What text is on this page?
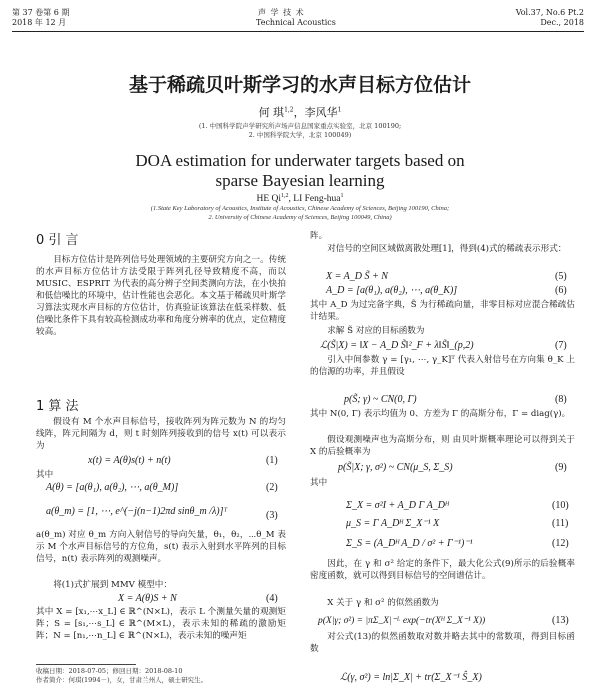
第 37 卷第 6 期
2018 年 12 月
声 学 技 术
Technical Acoustics
Vol.37, No.6 Pt.2
Dec., 2018
基于稀疏贝叶斯学习的水声目标方位估计
何 琪$^{1,2}$，李风华$^1$
(1. 中国科学院声学研究所声场声信息国家重点实验室，北京 100190;
2. 中国科学院大学，北京 100049)
DOA estimation for underwater targets based on
sparse Bayesian learning
HE Qi$^{1,2}$, LI Feng-hua$^1$
(1.State Key Laboratory of Acoustics, Institute of Acoustics, Chinese Academy of Sciences, Beijing 100190, China;
2. University of Chinese Academy of Sciences, Beijing 100049, China)
0 引 言
目标方位估计是阵列信号处理领域的主要研究方向之一。传统的水声目标方位估计方法受限于阵列孔径导致精度不高，而以 MUSIC、ESPRIT 为代表的高分辨子空间类测向方法，在小快拍和低信噪比的环境中，估计性能也会恶化。本文基于稀疏贝叶斯学习算法实现水声目标的方位估计，仿真验证该算法在低采样数、低信噪比条件下具有较高检测成功率和角度分辨率的优点，定位精度较高。
1 算 法
假设有 M 个水声目标信号，接收阵列为阵元数为 N 的均匀线阵，阵元间隔为 d，则 t 时刻阵列接收到的信号 x(t) 可以表示为
x(t) = A(θ)s(t) + n(t)	(1)
其中
A(θ) = [a(θ₁), a(θ₂), ⋯, a(θ_M)]	(2)
a(θ_m) = [1, ⋯, e^(−j(n−1)2πd sinθ_m /λ)]ᵀ	(3)
a(θ_m) 对应 θ_m 方向入射信号的导向矢量，θ₁，θ₂，⋯θ_M 表示 M 个水声目标信号的方位角，s(t) 表示入射到水平阵列的目标信号，n(t) 表示阵列的观测噪声。
将(1)式扩展到 MMV 模型中：
X = A(θ)S + N	(4)
其中 X = [x₁,⋯x_L] ∈ ℝ^(N×L)，表示 L 个测量矢量的观测矩阵；S = [s₁,⋯s_L] ∈ ℝ^(M×L)，表示未知的稀疏的激励矩阵；N = [n₁,⋯n_L] ∈ ℝ^(N×L)，表示未知的噪声矩
收稿日期：2018-07-05；修回日期：2018-08-10
作者简介：何琪(1994－)，女，甘肃兰州人，硕士研究生。
阵。
对信号的空间区域做离散处理[1]，得到(4)式的稀疏表示形式：
X = A_D S̃ + N	(5)
A_D = [a(θ₁), a(θ₂), ⋯, a(θ_K)]	(6)
其中 A_D 为过完备字典，S̃ 为行稀疏向量，非零目标对应混合稀疏估计结果。
求解 S̃ 对应的目标函数为
ℒ(S̃|X) = ‖X − A_D S̃‖²_F + λ‖S̃‖_(p,2)	(7)
引入中间参数 γ = [γ₁, ⋯, γ_K]ᵀ 代表入射信号在方向集 θ_K 上的信源的功率，并且假设
p(S̃; γ) ~ CN(0, Γ)	(8)
其中 N(0, Γ) 表示均值为 0、方差为 Γ 的高斯分布，Γ = diag(γ)。
假设观测噪声也为高斯分布，则 由贝叶斯概率理论可以得到关于 X 的后验概率为
p(S̃|X; γ, σ²) ~ CN(μ_S, Σ_S)	(9)
其中
Σ_X = σ²I + A_D Γ A_Dᴴ	(10)
μ_S = Γ A_Dᴴ Σ_X⁻¹ X	(11)
Σ_S = (A_Dᴴ A_D / σ² + Γ⁻¹)⁻¹	(12)
因此，在 γ 和 σ² 给定的条件下，最大化公式(9)所示的后验概率密度函数，就可以得到目标信号的空间谱估计。
X 关于 γ 和 σ² 的似然函数为
p(X|γ; σ²) = |πΣ_X|⁻ᴸ exp(−tr(Xᴴ Σ_X⁻¹ X))	(13)
对公式(13)的似然函数取对数并略去其中的常数项，得到目标函数
ℒ(γ, σ²) = ln|Σ_X| + tr(Σ_X⁻¹ Ŝ_X)
